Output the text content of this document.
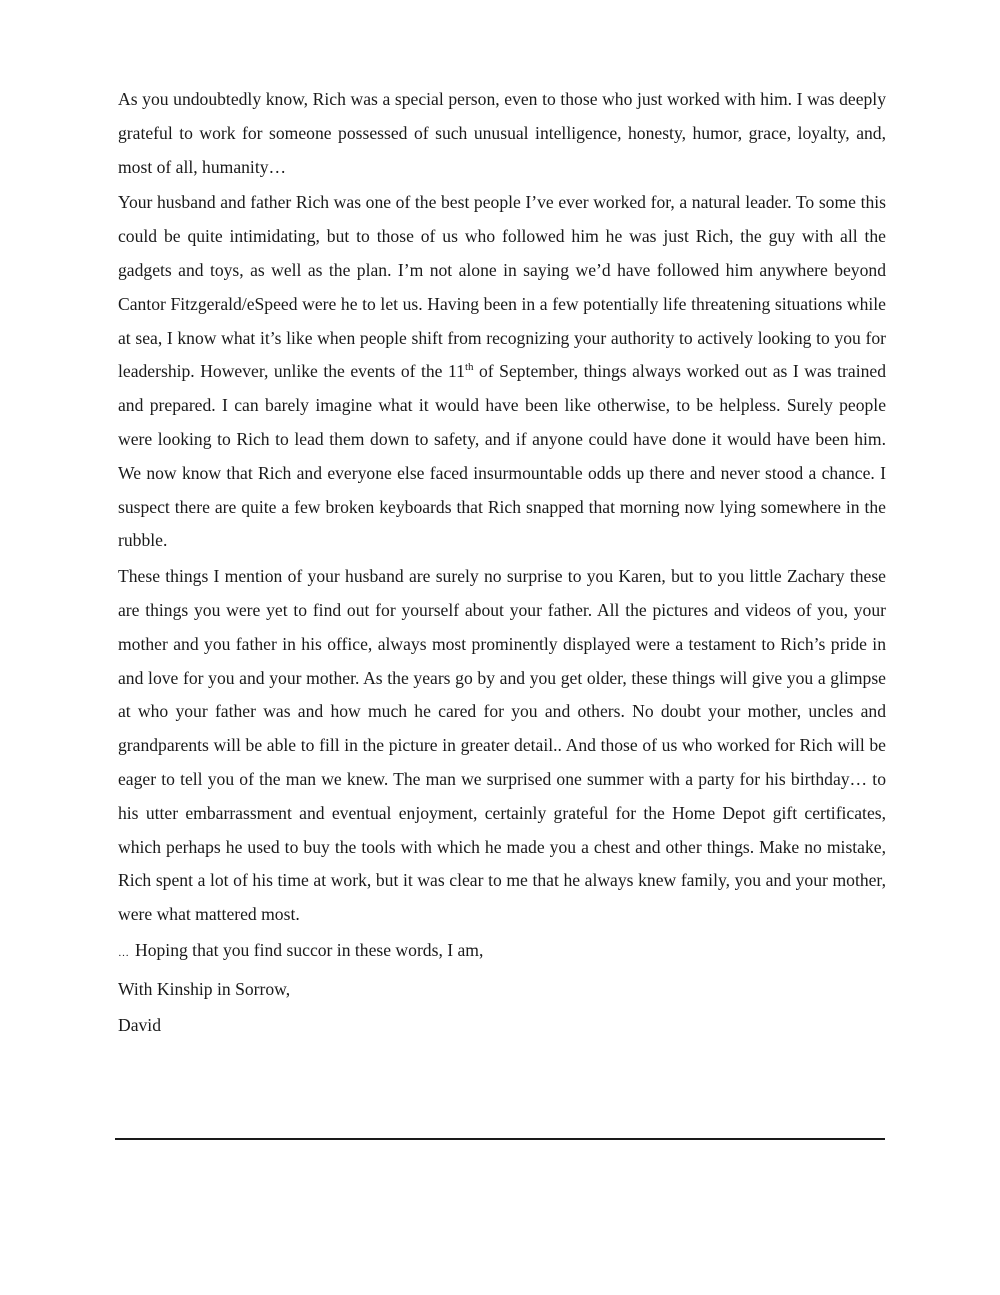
As you undoubtedly know, Rich was a special person, even to those who just worked with him. I was deeply grateful to work for someone possessed of such unusual intelligence, honesty, humor, grace, loyalty, and, most of all, humanity…

Your husband and father Rich was one of the best people I’ve ever worked for, a natural leader. To some this could be quite intimidating, but to those of us who followed him he was just Rich, the guy with all the gadgets and toys, as well as the plan. I’m not alone in saying we’d have followed him anywhere beyond Cantor Fitzgerald/eSpeed were he to let us. Having been in a few potentially life threatening situations while at sea, I know what it’s like when people shift from recognizing your authority to actively looking to you for leadership. However, unlike the events of the 11th of September, things always worked out as I was trained and prepared. I can barely imagine what it would have been like otherwise, to be helpless. Surely people were looking to Rich to lead them down to safety, and if anyone could have done it would have been him. We now know that Rich and everyone else faced insurmountable odds up there and never stood a chance. I suspect there are quite a few broken keyboards that Rich snapped that morning now lying somewhere in the rubble.

These things I mention of your husband are surely no surprise to you Karen, but to you little Zachary these are things you were yet to find out for yourself about your father. All the pictures and videos of you, your mother and you father in his office, always most prominently displayed were a testament to Rich’s pride in and love for you and your mother. As the years go by and you get older, these things will give you a glimpse at who your father was and how much he cared for you and others. No doubt your mother, uncles and grandparents will be able to fill in the picture in greater detail.. And those of us who worked for Rich will be eager to tell you of the man we knew. The man we surprised one summer with a party for his birthday… to his utter embarrassment and eventual enjoyment, certainly grateful for the Home Depot gift certificates, which perhaps he used to buy the tools with which he made you a chest and other things. Make no mistake, Rich spent a lot of his time at work, but it was clear to me that he always knew family, you and your mother, were what mattered most.

… Hoping that you find succor in these words, I am,

With Kinship in Sorrow,

David
